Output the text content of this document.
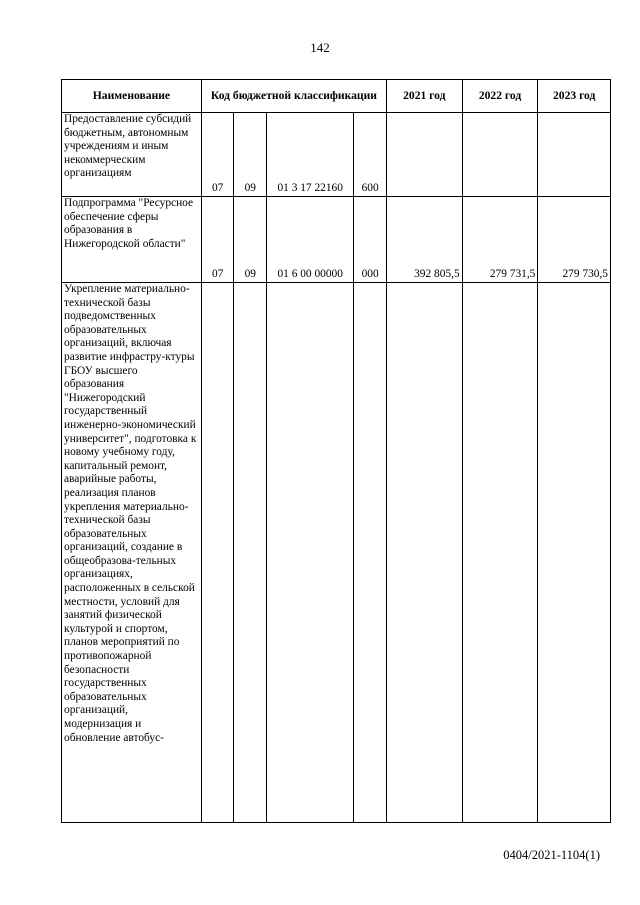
142
Наименование	Код бюджетной классификации				2021 год	2022 год	2023 год
Предоставление субсидий бюджетным, автономным учреждениям и иным некоммерческим организациям	07	09	01 3 17 22160	600			
Подпрограмма "Ресурсное обеспечение сферы образования в Нижегородской области"	07	09	01 6 00 00000	000	392 805,5	279 731,5	279 730,5
Укрепление материально-технической базы подведомственных образовательных организаций, включая развитие инфрастру-ктуры ГБОУ высшего образования "Нижегородский государственный инженерно-экономический университет", подготовка к новому учебному году, капитальный ремонт, аварийные работы, реализация планов укрепления материально-технической базы образовательных организаций, создание в общеобразова-тельных организациях, расположенных в сельской местности, условий для занятий физической культурой и спортом, планов мероприятий по противопожарной безопасности государственных образовательных организаций, модернизация и обновление автобус-							
0404/2021-1104(1)
